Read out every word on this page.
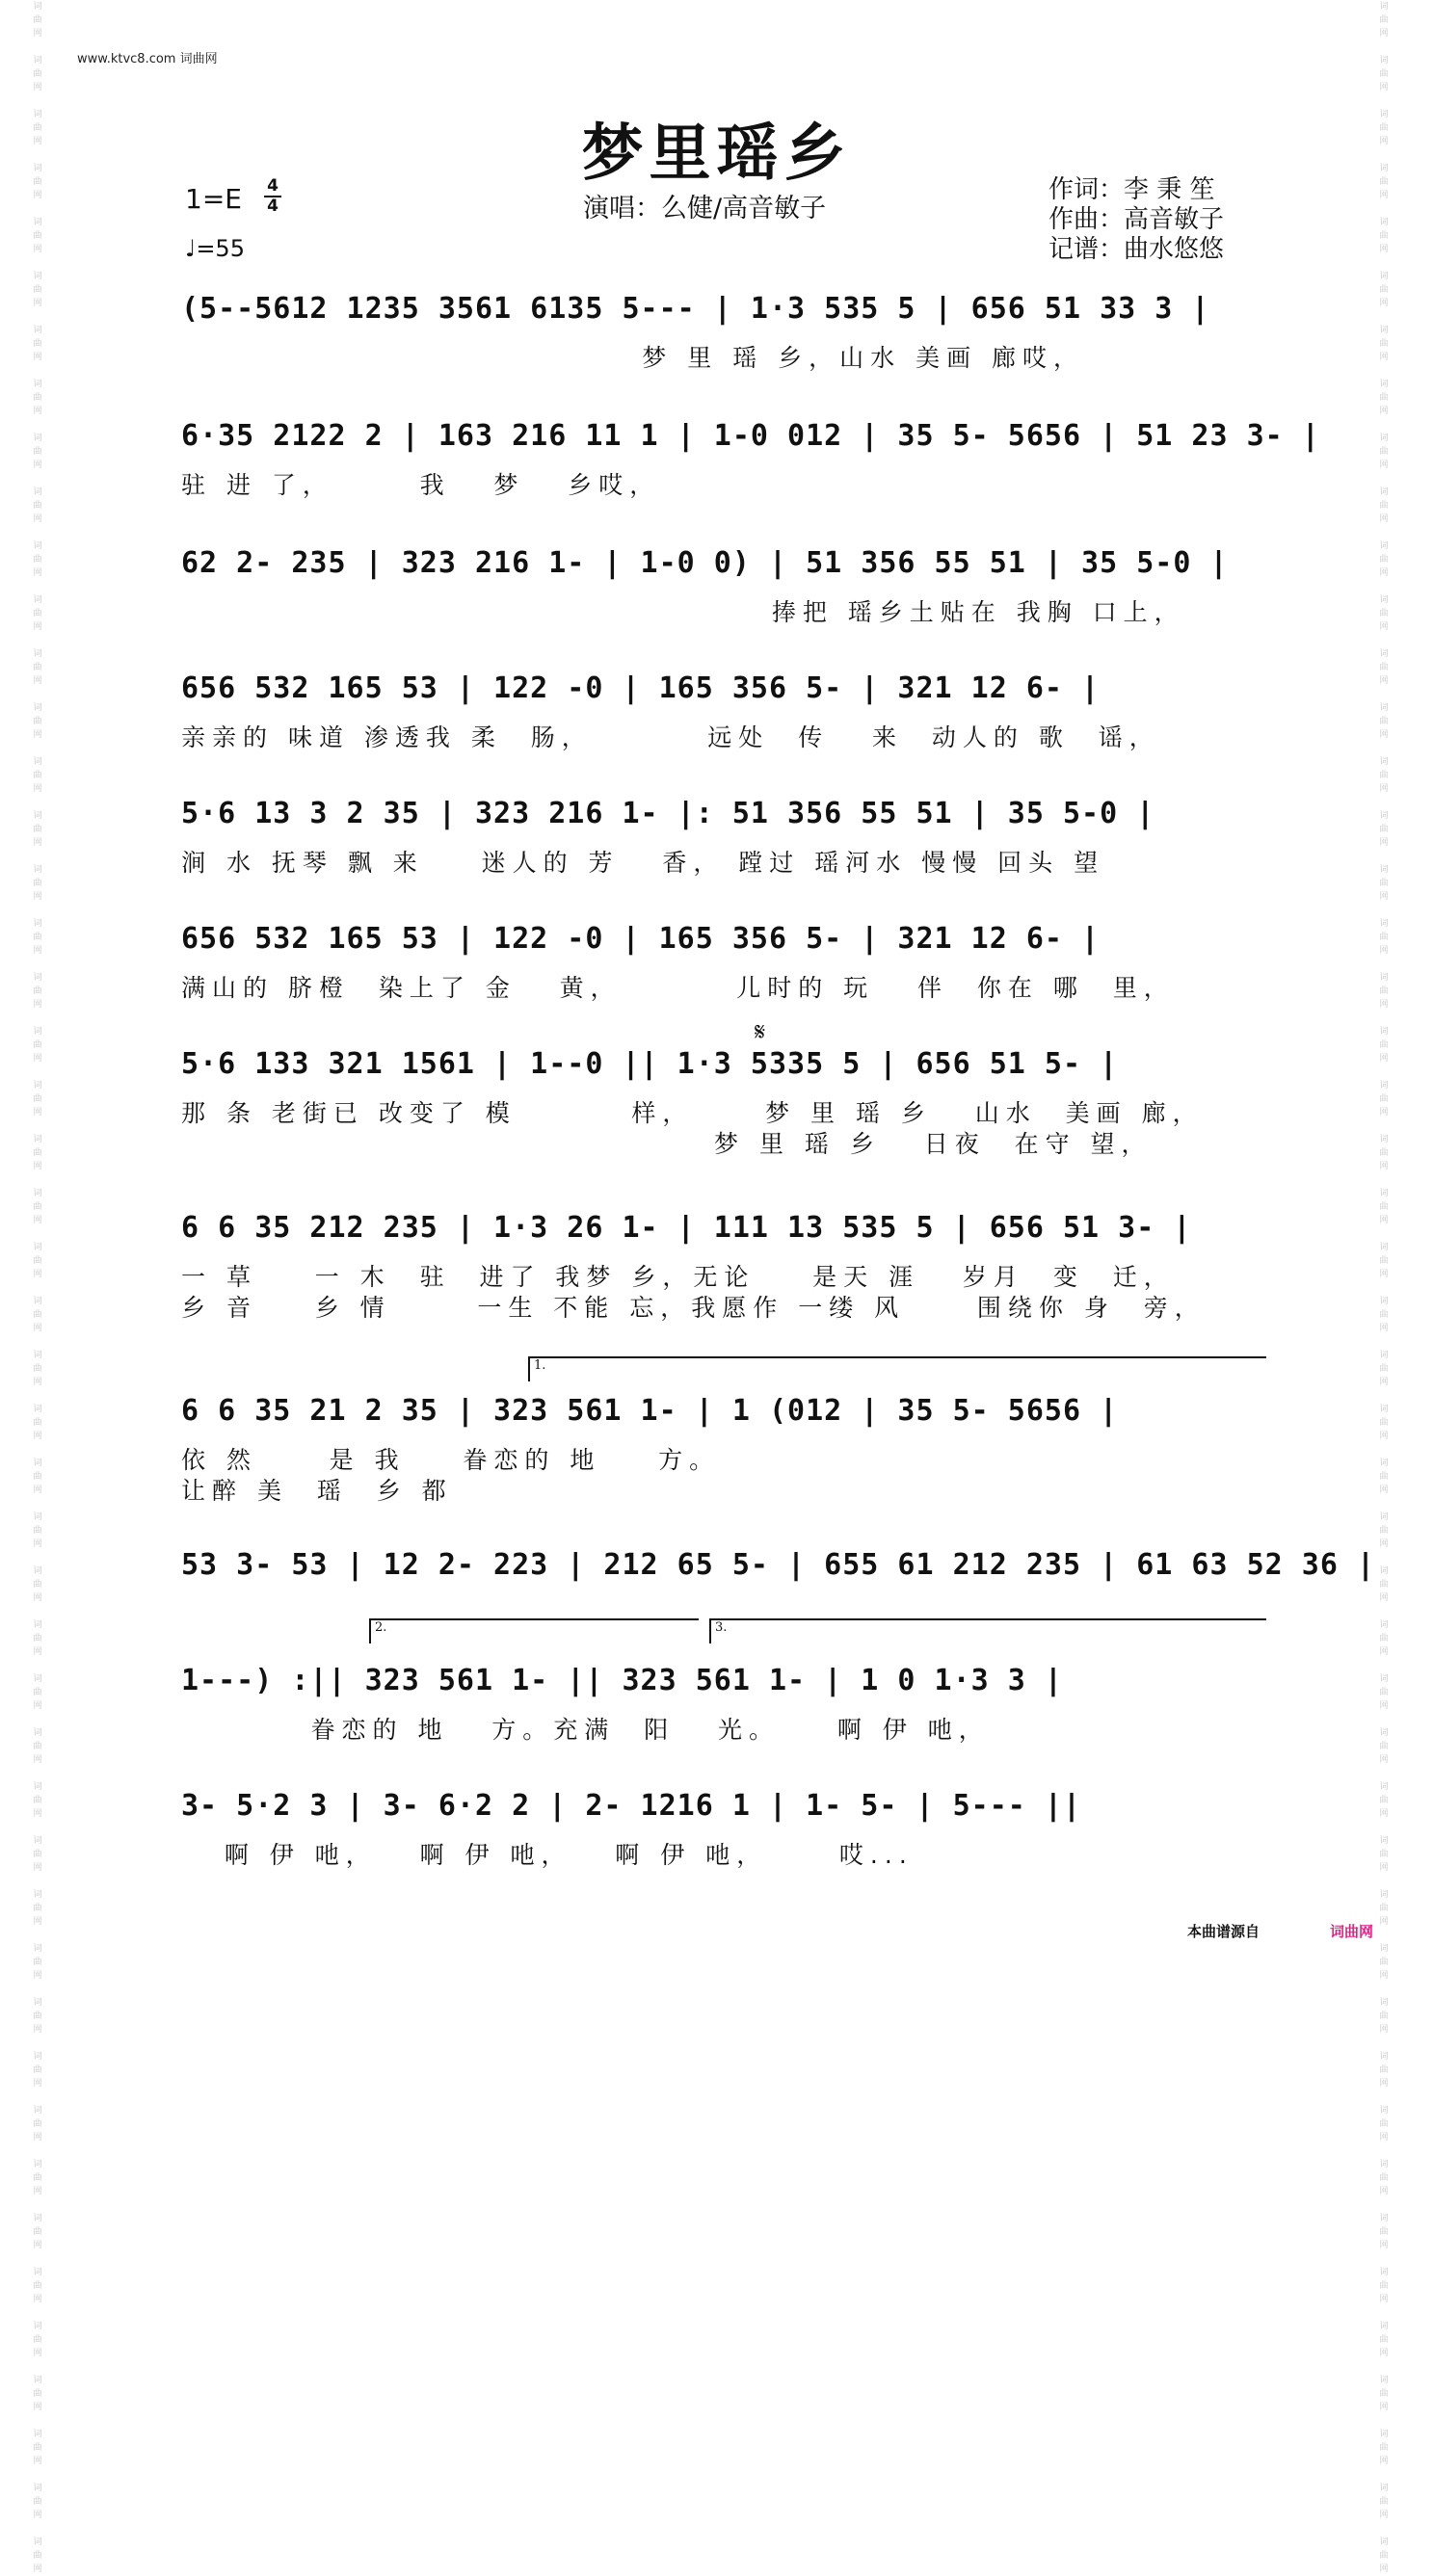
词
曲
网

词
曲
网

词
曲
网

词
曲
网

词
曲
网

词
曲
网

词
曲
网

词
曲
网

词
曲
网

词
曲
网

词
曲
网

词
曲
网

词
曲
网

词
曲
网

词
曲
网

词
曲
网

词
曲
网

词
曲
网

词
曲
网

词
曲
网

词
曲
网

词
曲
网

词
曲
网

词
曲
网

词
曲
网

词
曲
网

词
曲
网

词
曲
网

词
曲
网

词
曲
网

词
曲
网

词
曲
网

词
曲
网

词
曲
网

词
曲
网

词
曲
网

词
曲
网

词
曲
网

词
曲
网

词
曲
网

词
曲
网

词
曲
网

词
曲
网

词
曲
网

词
曲
网

词
曲
网

词
曲
网

词
曲
网

词
曲
网

词
曲
网

词
曲
网

词
曲
网

词
曲
网

词
曲
网

词
曲
网

词
曲
网

词
曲
网

词
曲
网

词
曲
网

词
曲
网

词
曲
网

词
曲
网

词
曲
网

词
曲
网

词
曲
网

词
曲
网

词
曲
网

词
曲
网

词
曲
网

词
曲
网

词
曲
网

词
曲
网

词
曲
网

词
曲
网

词
曲
网

词
曲
网

词
曲
网

词
曲
网

词
曲
网

词
曲
网

词
曲
网

词
曲
网

词
曲
网

词
曲
网

词
曲
网

词
曲
网

词
曲
网

词
曲
网

词
曲
网

词
曲
网

词
曲
网

词
曲
网

词
曲
网

词
曲
网

词
曲
网

词
曲
网

www.ktvc8.com 词曲网
梦里瑶乡
1=E 4
4
♩=55
演唱：么健/高音敏子
作词：李 秉 笙
作曲：高音敏子
记谱：曲水悠悠
𝄋
(5‑‑5612 1235 3561 6135 5‑‑‑ | 1·3 535 5 | 656 51 33 3 |
梦 里 瑶 乡，山水 美画 廊哎，
6·35 2122 2 | 163 216 11 1 | 1‑0 012 | 35 5‑ 5656 | 51 23 3‑ |
驻 进 了，      我   梦   乡哎，
62 2‑ 235 | 323 216 1‑ | 1‑0 0) | 51 356 55 51 | 35 5‑0 |
捧把 瑶乡土贴在 我胸 口上，
656 532 165 53 | 122 ‑0 | 165 356 5‑ | 321 12 6‑ |
亲亲的 味道 渗透我 柔  肠，        远处  传   来  动人的 歌  谣，
5·6 13 3 2 35 | 323 216 1‑ |: 51 356 55 51 | 35 5‑0 |
涧 水 抚琴 飘 来    迷人的 芳   香， 蹚过 瑶河水 慢慢 回头 望
656 532 165 53 | 122 ‑0 | 165 356 5‑ | 321 12 6‑ |
满山的 脐橙  染上了 金   黄，        儿时的 玩   伴  你在 哪  里，
5·6 133 321 1561 | 1‑‑0 || 1·3 5335 5 | 656 51 5‑ |
那 条 老街已 改变了 模        样，     梦 里 瑶 乡   山水  美画 廊，
梦 里 瑶 乡   日夜  在守 望，
6 6 35 212 235 | 1·3 26 1‑ | 111 13 535 5 | 656 51 3‑ |
一 草    一 木  驻  进了 我梦 乡，无论    是天 涯   岁月  变  迁，
乡 音    乡 情      一生 不能 忘，我愿作 一缕 风     围绕你 身  旁，
6 6 35 21 2 35 | 323 561 1‑ | 1 (012 | 35 5‑ 5656 |
依 然     是 我    眷恋的 地    方。
让醉 美  瑶  乡 都
53 3‑ 53 | 12 2‑ 223 | 212 65 5‑ | 655 61 212 235 | 61 63 52 36 |
1‑‑‑) :|| 323 561 1‑ || 323 561 1‑ | 1 0 1·3 3 |
眷恋的 地   方。充满  阳   光。    啊 伊 吔，
3‑ 5·2 3 | 3‑ 6·2 2 | 2‑ 1216 1 | 1‑ 5‑ | 5‑‑‑ ||
啊 伊 吔，   啊 伊 吔，   啊 伊 吔，     哎...
1.
2.	3.
本曲谱源自	词曲网
